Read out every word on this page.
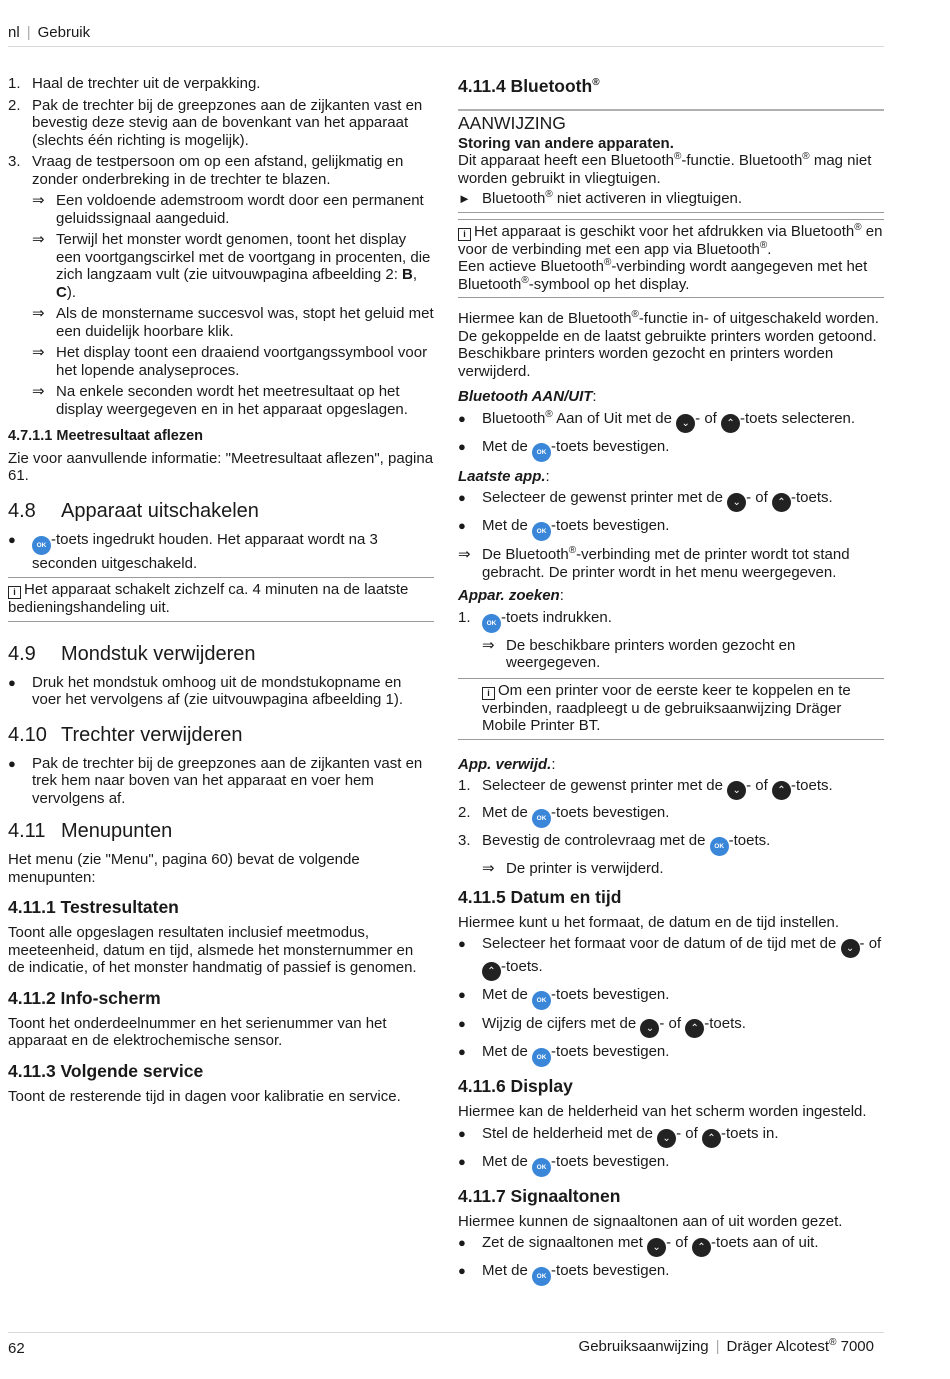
nl | Gebruik
1. Haal de trechter uit de verpakking.
2. Pak de trechter bij de greepzones aan de zijkanten vast en bevestig deze stevig aan de bovenkant van het apparaat (slechts één richting is mogelijk).
3. Vraag de testpersoon om op een afstand, gelijkmatig en zonder onderbreking in de trechter te blazen.
⇒ Een voldoende ademstroom wordt door een permanent geluidssignaal aangeduid.
⇒ Terwijl het monster wordt genomen, toont het display een voortgangscirkel met de voortgang in procenten, die zich langzaam vult (zie uitvouwpagina afbeelding 2: B, C).
⇒ Als de monstername succesvol was, stopt het geluid met een duidelijk hoorbare klik.
⇒ Het display toont een draaiend voortgangssymbool voor het lopende analyseproces.
⇒ Na enkele seconden wordt het meetresultaat op het display weergegeven en in het apparaat opgeslagen.
4.7.1.1 Meetresultaat aflezen

Zie voor aanvullende informatie: "Meetresultaat aflezen", pagina 61.

4.8 Apparaat uitschakelen
●	OK -toets ingedrukt houden. Het apparaat wordt na 3 seconden uitgeschakeld.
i Het apparaat schakelt zichzelf ca. 4 minuten na de laatste bedieningshandeling uit.
4.9 Mondstuk verwijderen
●	Druk het mondstuk omhoog uit de mondstukopname en voer het vervolgens af (zie uitvouwpagina afbeelding 1).
4.10 Trechter verwijderen
●	Pak de trechter bij de greepzones aan de zijkanten vast en trek hem naar boven van het apparaat en voer hem vervolgens af.
4.11 Menupunten

Het menu (zie "Menu", pagina 60) bevat de volgende menupunten:

4.11.1 Testresultaten

Toont alle opgeslagen resultaten inclusief meetmodus, meeteenheid, datum en tijd, alsmede het monsternummer en de indicatie, of het monster handmatig of passief is genomen.

4.11.2 Info-scherm

Toont het onderdeelnummer en het serienummer van het apparaat en de elektrochemische sensor.

4.11.3 Volgende service

Toont de resterende tijd in dagen voor kalibratie en service.

4.11.4 Bluetooth®
AANWIJZING
Storing van andere apparaten.
Dit apparaat heeft een Bluetooth®-functie. Bluetooth® mag niet worden gebruikt in vliegtuigen.
► Bluetooth® niet activeren in vliegtuigen.
i Het apparaat is geschikt voor het afdrukken via Bluetooth® en voor de verbinding met een app via Bluetooth®.
Een actieve Bluetooth®-verbinding wordt aangegeven met het Bluetooth®-symbool op het display.

Hiermee kan de Bluetooth®-functie in- of uitgeschakeld worden. De gekoppelde en de laatst gebruikte printers worden getoond. Beschikbare printers worden gezocht en printers worden verwijderd.

Bluetooth AAN/UIT:
●	Bluetooth® Aan of Uit met de ⌄ - of ⌃ -toets selecteren.
●	Met de OK -toets bevestigen.
Laatste app.:
●	Selecteer de gewenst printer met de ⌄ - of ⌃ -toets.
●	Met de OK -toets bevestigen.
⇒ De Bluetooth®-verbinding met de printer wordt tot stand gebracht. De printer wordt in het menu weergegeven.
Appar. zoeken:
1.	OK -toets indrukken.
⇒ De beschikbare printers worden gezocht en weergegeven.
i Om een printer voor de eerste keer te koppelen en te verbinden, raadpleegt u de gebruiksaanwijzing Dräger Mobile Printer BT.
App. verwijd.:
1. Selecteer de gewenst printer met de ⌄ - of ⌃ -toets.
2. Met de OK -toets bevestigen.
3. Bevestig de controlevraag met de OK -toets.
⇒ De printer is verwijderd.
4.11.5 Datum en tijd

Hiermee kunt u het formaat, de datum en de tijd instellen.

●	Selecteer het formaat voor de datum of de tijd met de ⌄ - of ⌃ -toets.
●	Met de OK -toets bevestigen.
●	Wijzig de cijfers met de ⌄ - of ⌃ -toets.
●	Met de OK -toets bevestigen.
4.11.6 Display

Hiermee kan de helderheid van het scherm worden ingesteld.

●	Stel de helderheid met de ⌄ - of ⌃ -toets in.
●	Met de OK -toets bevestigen.
4.11.7 Signaaltonen

Hiermee kunnen de signaaltonen aan of uit worden gezet.

●	Zet de signaaltonen met ⌄ - of ⌃ -toets aan of uit.
●	Met de OK -toets bevestigen.
62	Gebruiksaanwijzing | Dräger Alcotest® 7000
